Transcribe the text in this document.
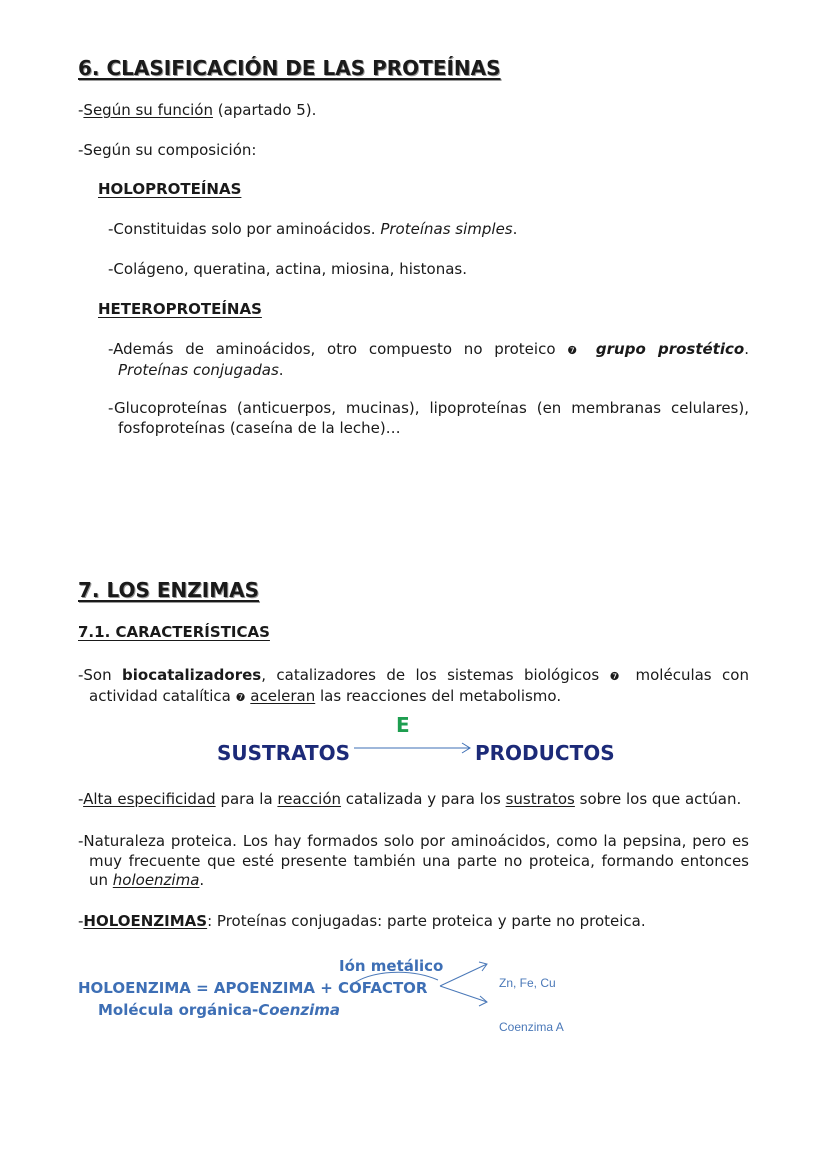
6. CLASIFICACIÓN DE LAS PROTEÍNAS
-Según su función (apartado 5).
-Según su composición:
HOLOPROTEÍNAS
-Constituidas solo por aminoácidos. Proteínas simples.
-Colágeno, queratina, actina, miosina, histonas.
HETEROPROTEÍNAS

-Además de aminoácidos, otro compuesto no proteico ❼ grupo prostético.

Proteínas conjugadas.

-Glucoproteínas (anticuerpos, mucinas), lipoproteínas (en membranas celulares), fosfoproteínas (caseína de la leche)…

7. LOS ENZIMAS
7.1. CARACTERÍSTICAS

-Son biocatalizadores, catalizadores de los sistemas biológicos ❼ moléculas con actividad catalítica ❼ aceleran las reacciones del metabolismo.

E
SUSTRATOS	PRODUCTOS
-Alta especificidad para la reacción catalizada y para los sustratos sobre los que actúan.

-Naturaleza proteica. Los hay formados solo por aminoácidos, como la pepsina, pero es muy frecuente que esté presente también una parte no proteica, formando entonces un holoenzima.

-HOLOENZIMAS: Proteínas conjugadas: parte proteica y parte no proteica.
Ión metálico
HOLOENZIMA = APOENZIMA + COFACTOR
Molécula orgánica-Coenzima
Zn, Fe, Cu
Coenzima A
